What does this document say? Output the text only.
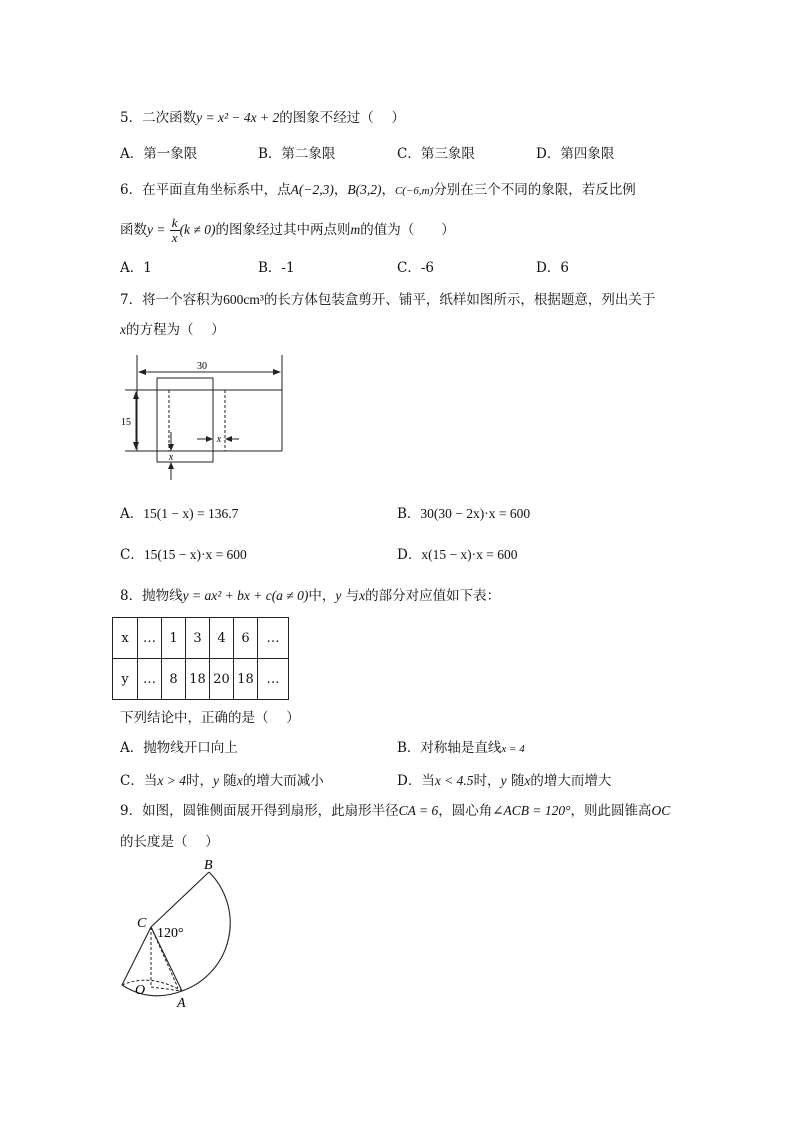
5．二次函数y = x² − 4x + 2的图象不经过（　 ）
A．第一象限	B．第二象限	C．第三象限	D．第四象限
6．在平面直角坐标系中，点A(−2,3)，B(3,2)，C(−6,m)分别在三个不同的象限，若反比例
函数$y = \frac{k}{x} (k \ne 0)$的图象经过其中两点则m的值为（　　）
A．1	B．-1	C．-6	D．6
7．将一个容积为600cm³的长方体包装盒剪开、铺平，纸样如图所示，根据题意，列出关于
x的方程为（　 ）
30
15
x
x
A．15(1 − x) = 136.7	B．30(30 − 2x)·x = 600
C．15(15 − x)·x = 600	D．x(15 − x)·x = 600
8．抛物线y = ax² + bx + c(a ≠ 0)中，y 与x的部分对应值如下表：
x	…	1	3	4	6	…
y	…	8	18	20	18	…
下列结论中，正确的是（　 ）
A．抛物线开口向上	B．对称轴是直线x = 4
C．当x > 4时，y 随x的增大而减小	D．当x < 4.5时，y 随x的增大而增大
9．如图，圆锥侧面展开得到扇形，此扇形半径CA = 6，圆心角∠ACB = 120°，则此圆锥高OC
的长度是（　 ）
B
C
120°
O
A
